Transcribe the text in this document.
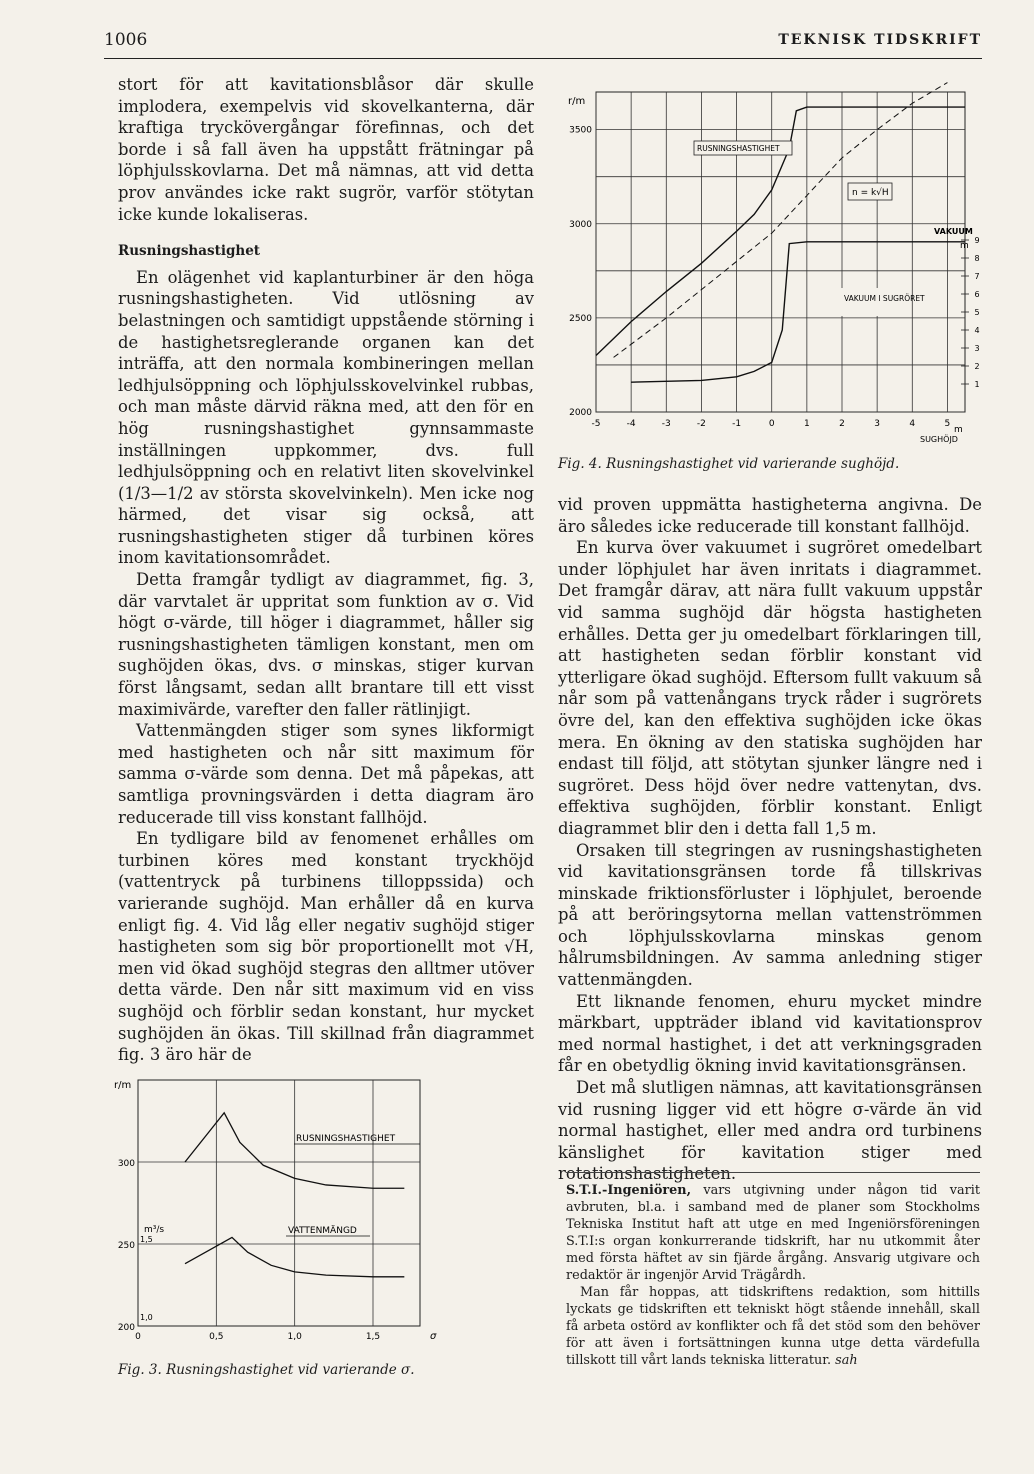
1006	TEKNISK TIDSKRIFT
-5	-4	-3	-2	-1	0	1	2	3	4	5
2000
2500
3000
3500
1
2
3
4
5
6
7
8
9
r/m
VAKUUM
m
m
SUGHÖJD
RUSNINGSHASTIGHET
n = k√H
VAKUUM I SUGRÖRET
Fig. 4. Rusningshastighet vid varierande sughöjd.

stort för att kavitationsblåsor där skulle implodera, exempelvis vid skovelkanterna, där kraftiga tryckövergångar förefinnas, och det borde i så fall även ha uppstått frätningar på löphjulsskovlarna. Det må nämnas, att vid detta prov användes icke rakt sugrör, varför stötytan icke kunde lokaliseras.

Rusningshastighet

En olägenhet vid kaplanturbiner är den höga rusningshastigheten. Vid utlösning av belastningen och samtidigt uppstående störning i de hastighetsreglerande organen kan det inträffa, att den normala kombineringen mellan ledhjulsöppning och löphjulsskovelvinkel rubbas, och man måste därvid räkna med, att den för en hög rusningshastighet gynnsammaste inställningen uppkommer, dvs. full ledhjulsöppning och en relativt liten skovelvinkel (1/3—1/2 av största skovelvinkeln). Men icke nog härmed, det visar sig också, att rusningshastigheten stiger då turbinen köres inom kavitationsområdet.

Detta framgår tydligt av diagrammet, fig. 3, där varvtalet är uppritat som funktion av σ. Vid högt σ-värde, till höger i diagrammet, håller sig rusningshastigheten tämligen konstant, men om sughöjden ökas, dvs. σ minskas, stiger kurvan först långsamt, sedan allt brantare till ett visst maximivärde, varefter den faller rätlinjigt.

Vattenmängden stiger som synes likformigt med hastigheten och når sitt maximum för samma σ-värde som denna. Det må påpekas, att samtliga provningsvärden i detta diagram äro reducerade till viss konstant fallhöjd.

En tydligare bild av fenomenet erhålles om turbinen köres med konstant tryckhöjd (vattentryck på turbinens tilloppssida) och varierande sughöjd. Man erhåller då en kurva enligt fig. 4. Vid låg eller negativ sughöjd stiger hastigheten som sig bör proportionellt mot √H, men vid ökad sughöjd stegras den alltmer utöver detta värde. Den når sitt maximum vid en viss sughöjd och förblir sedan konstant, hur mycket sughöjden än ökas. Till skillnad från diagrammet fig. 3 äro här de

0	0,5	1,0	1,5
200
250
300
1,0
1,5
r/m
m³/s
σ
RUSNINGSHASTIGHET
VATTENMÄNGD
Fig. 3. Rusningshastighet vid varierande σ.

vid proven uppmätta hastigheterna angivna. De äro således icke reducerade till konstant fallhöjd.

En kurva över vakuumet i sugröret omedelbart under löphjulet har även inritats i diagrammet. Det framgår därav, att nära fullt vakuum uppstår vid samma sughöjd där högsta hastigheten erhålles. Detta ger ju omedelbart förklaringen till, att hastigheten sedan förblir konstant vid ytterligare ökad sughöjd. Eftersom fullt vakuum så når som på vattenångans tryck råder i sugrörets övre del, kan den effektiva sughöjden icke ökas mera. En ökning av den statiska sughöjden har endast till följd, att stötytan sjunker längre ned i sugröret. Dess höjd över nedre vattenytan, dvs. effektiva sughöjden, förblir konstant. Enligt diagrammet blir den i detta fall 1,5 m.

Orsaken till stegringen av rusningshastigheten vid kavitationsgränsen torde få tillskrivas minskade friktionsförluster i löphjulet, beroende på att beröringsytorna mellan vattenströmmen och löphjulsskovlarna minskas genom hålrumsbildningen. Av samma anledning stiger vattenmängden.

Ett liknande fenomen, ehuru mycket mindre märkbart, uppträder ibland vid kavitationsprov med normal hastighet, i det att verkningsgraden får en obetydlig ökning invid kavitationsgränsen.

Det må slutligen nämnas, att kavitationsgränsen vid rusning ligger vid ett högre σ-värde än vid normal hastighet, eller med andra ord turbinens känslighet för kavitation stiger med rotationshastigheten.

S.T.I.-Ingeniören, vars utgivning under någon tid varit avbruten, bl.a. i samband med de planer som Stockholms Tekniska Institut haft att utge en med Ingeniörsföreningen S.T.I:s organ konkurrerande tidskrift, har nu utkommit åter med första häftet av sin fjärde årgång. Ansvarig utgivare och redaktör är ingenjör Arvid Trägårdh.

Man får hoppas, att tidskriftens redaktion, som hittills lyckats ge tidskriften ett tekniskt högt stående innehåll, skall få arbeta ostörd av konflikter och få det stöd som den behöver för att även i fortsättningen kunna utge detta värdefulla tillskott till vårt lands tekniska litteratur. sah
